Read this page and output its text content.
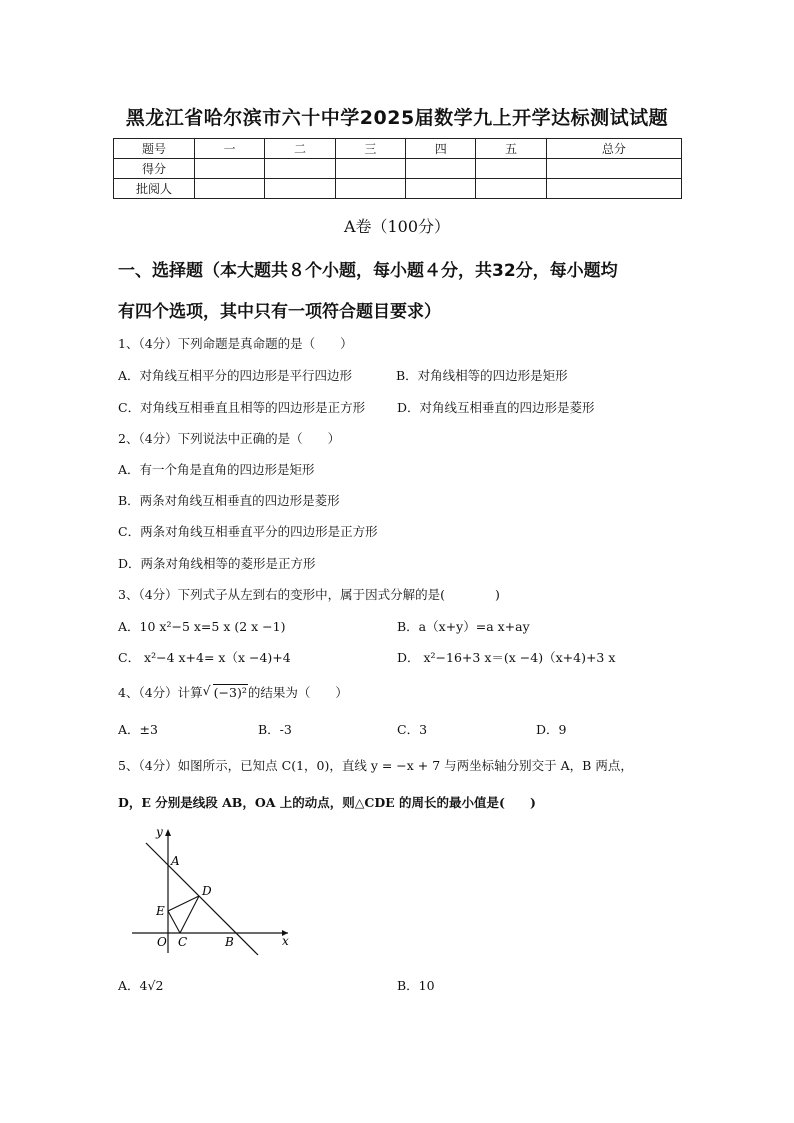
黑龙江省哈尔滨市六十中学2025届数学九上开学达标测试试题
题号	一	二	三	四	五	总分
得分						
批阅人						
A卷（100分）
一、选择题（本大题共８个小题，每小题４分，共32分，每小题均
有四个选项，其中只有一项符合题目要求）
1、（4分）下列命题是真命题的是（　　）
A．对角线互相平分的四边形是平行四边形	B．对角线相等的四边形是矩形
C．对角线互相垂直且相等的四边形是正方形	D．对角线互相垂直的四边形是菱形
2、（4分）下列说法中正确的是（　　）
A．有一个角是直角的四边形是矩形
B．两条对角线互相垂直的四边形是菱形
C．两条对角线互相垂直平分的四边形是正方形
D．两条对角线相等的菱形是正方形
3、（4分）下列式子从左到右的变形中，属于因式分解的是(　　　　)
A．10 x²−5 x=5 x (2 x −1)	B．a（x+y）=a x+ay
C． x²−4 x+4= x（x −4)+4	D． x²−16+3 x＝(x −4)（x+4)+3 x
4、（4分）计算 √ (−3)²的结果为（　　）
A．±3	B．-3	C．3	D．9
5、（4分）如图所示，已知点 C(1，0)，直线 y = −x + 7 与两坐标轴分别交于 A，B 两点，
D，E 分别是线段 AB，OA 上的动点，则△CDE 的周长的最小值是(　　)
y
x
A
D
E
O C	B
A．4√2	B．10
